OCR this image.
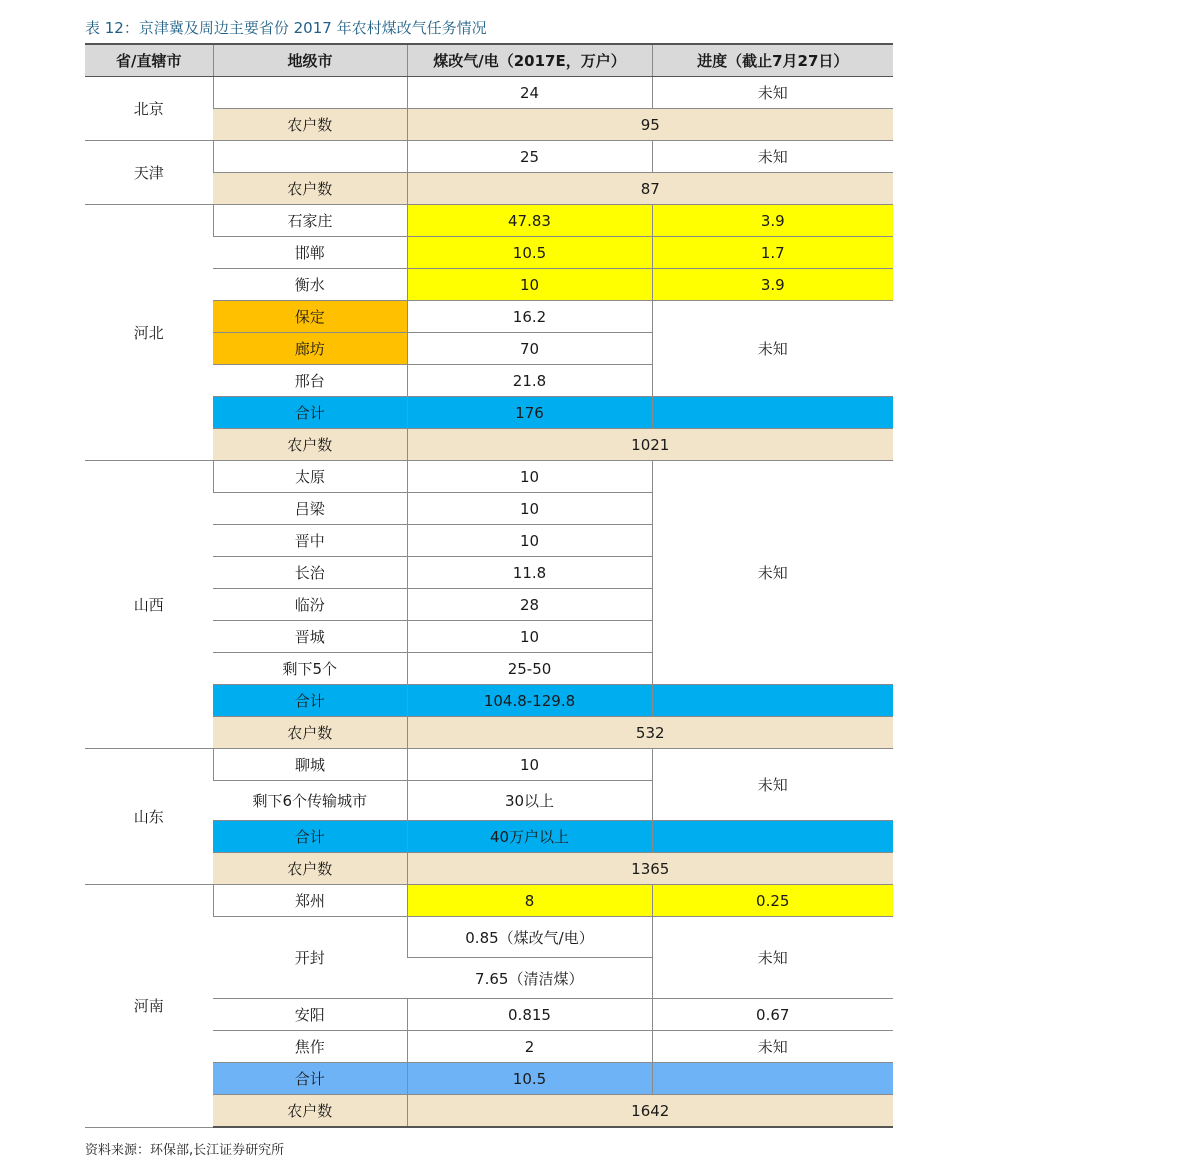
表 12：京津冀及周边主要省份 2017 年农村煤改气任务情况
省/直辖市	地级市	煤改气/电（2017E，万户）	进度（截止7月27日）
北京		24	未知
	农户数	95	
天津		25	未知
	农户数	87	
河北	石家庄	47.83	3.9
	邯郸	10.5	1.7
	衡水	10	3.9
	保定	16.2	未知
	廊坊	70	
	邢台	21.8	
	合计	176	
	农户数	1021	
山西	太原	10	未知
	吕梁	10	
	晋中	10	
	长治	11.8	
	临汾	28	
	晋城	10	
	剩下5个	25-50	
	合计	104.8-129.8	
	农户数	532	
山东	聊城	10	未知
	剩下6个传输城市	30以上	
	合计	40万户以上	
	农户数	1365	
河南	郑州	8	0.25
	开封	0.85（煤改气/电）	未知
		7.65（清洁煤）	
	安阳	0.815	0.67
	焦作	2	未知
	合计	10.5	
	农户数	1642	
资料来源：环保部,长江证券研究所
